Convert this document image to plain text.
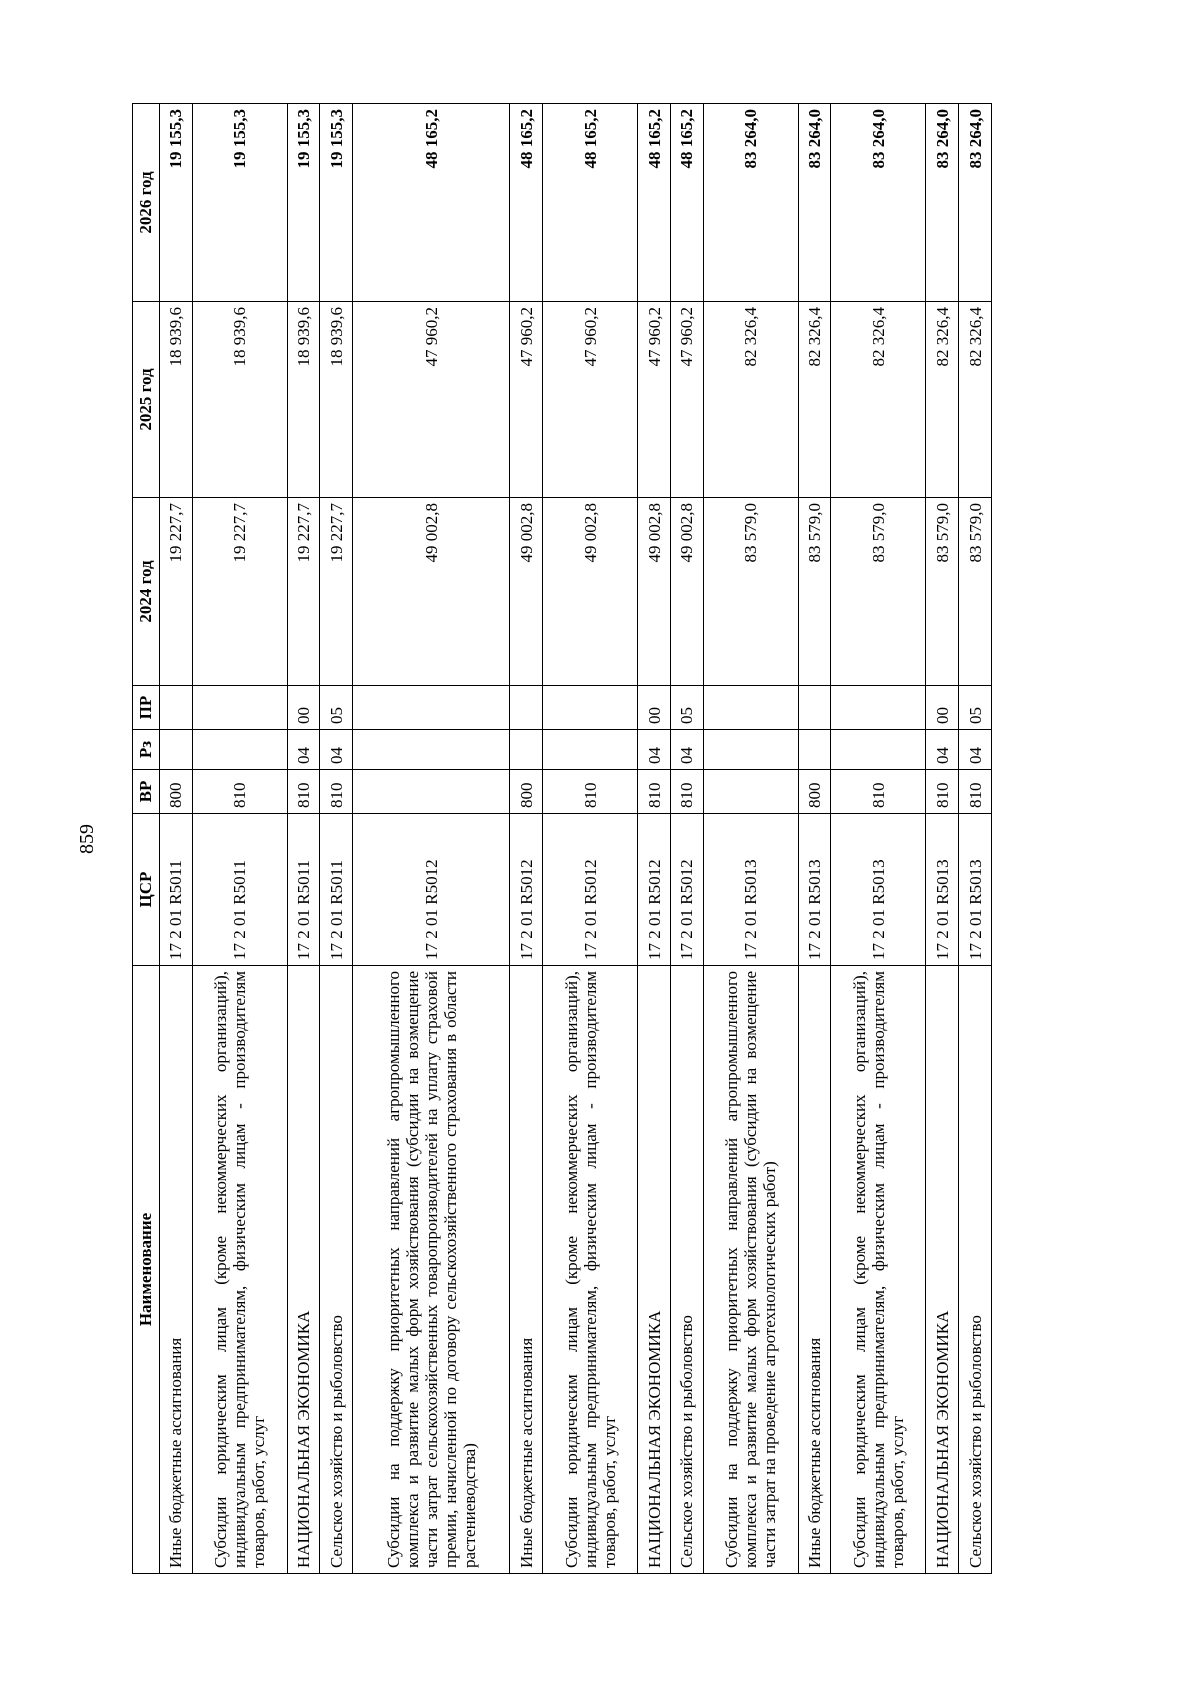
859
Наименование	ЦСР	ВР	Рз	ПР	2024 год	2025 год	2026 год
Иные бюджетные ассигнования	17 2 01 R5011	800			19 227,7	18 939,6	19 155,3
Субсидии юридическим лицам (кроме некоммерческих организаций), индивидуальным предпринимателям, физическим лицам - производителям товаров, работ, услуг	17 2 01 R5011	810			19 227,7	18 939,6	19 155,3
НАЦИОНАЛЬНАЯ ЭКОНОМИКА	17 2 01 R5011	810	04	00	19 227,7	18 939,6	19 155,3
Сельское хозяйство и рыболовство	17 2 01 R5011	810	04	05	19 227,7	18 939,6	19 155,3
Субсидии на поддержку приоритетных направлений агропромышленного комплекса и развитие малых форм хозяйствования (субсидии на возмещение части затрат сельскохозяйственных товаропроизводителей на уплату страховой премии, начисленной по договору сельскохозяйственного страхования в области растениеводства)	17 2 01 R5012				49 002,8	47 960,2	48 165,2
Иные бюджетные ассигнования	17 2 01 R5012	800			49 002,8	47 960,2	48 165,2
Субсидии юридическим лицам (кроме некоммерческих организаций), индивидуальным предпринимателям, физическим лицам - производителям товаров, работ, услуг	17 2 01 R5012	810			49 002,8	47 960,2	48 165,2
НАЦИОНАЛЬНАЯ ЭКОНОМИКА	17 2 01 R5012	810	04	00	49 002,8	47 960,2	48 165,2
Сельское хозяйство и рыболовство	17 2 01 R5012	810	04	05	49 002,8	47 960,2	48 165,2
Субсидии на поддержку приоритетных направлений агропромышленного комплекса и развитие малых форм хозяйствования (субсидии на возмещение части затрат на проведение агротехнологических работ)	17 2 01 R5013				83 579,0	82 326,4	83 264,0
Иные бюджетные ассигнования	17 2 01 R5013	800			83 579,0	82 326,4	83 264,0
Субсидии юридическим лицам (кроме некоммерческих организаций), индивидуальным предпринимателям, физическим лицам - производителям товаров, работ, услуг	17 2 01 R5013	810			83 579,0	82 326,4	83 264,0
НАЦИОНАЛЬНАЯ ЭКОНОМИКА	17 2 01 R5013	810	04	00	83 579,0	82 326,4	83 264,0
Сельское хозяйство и рыболовство	17 2 01 R5013	810	04	05	83 579,0	82 326,4	83 264,0
